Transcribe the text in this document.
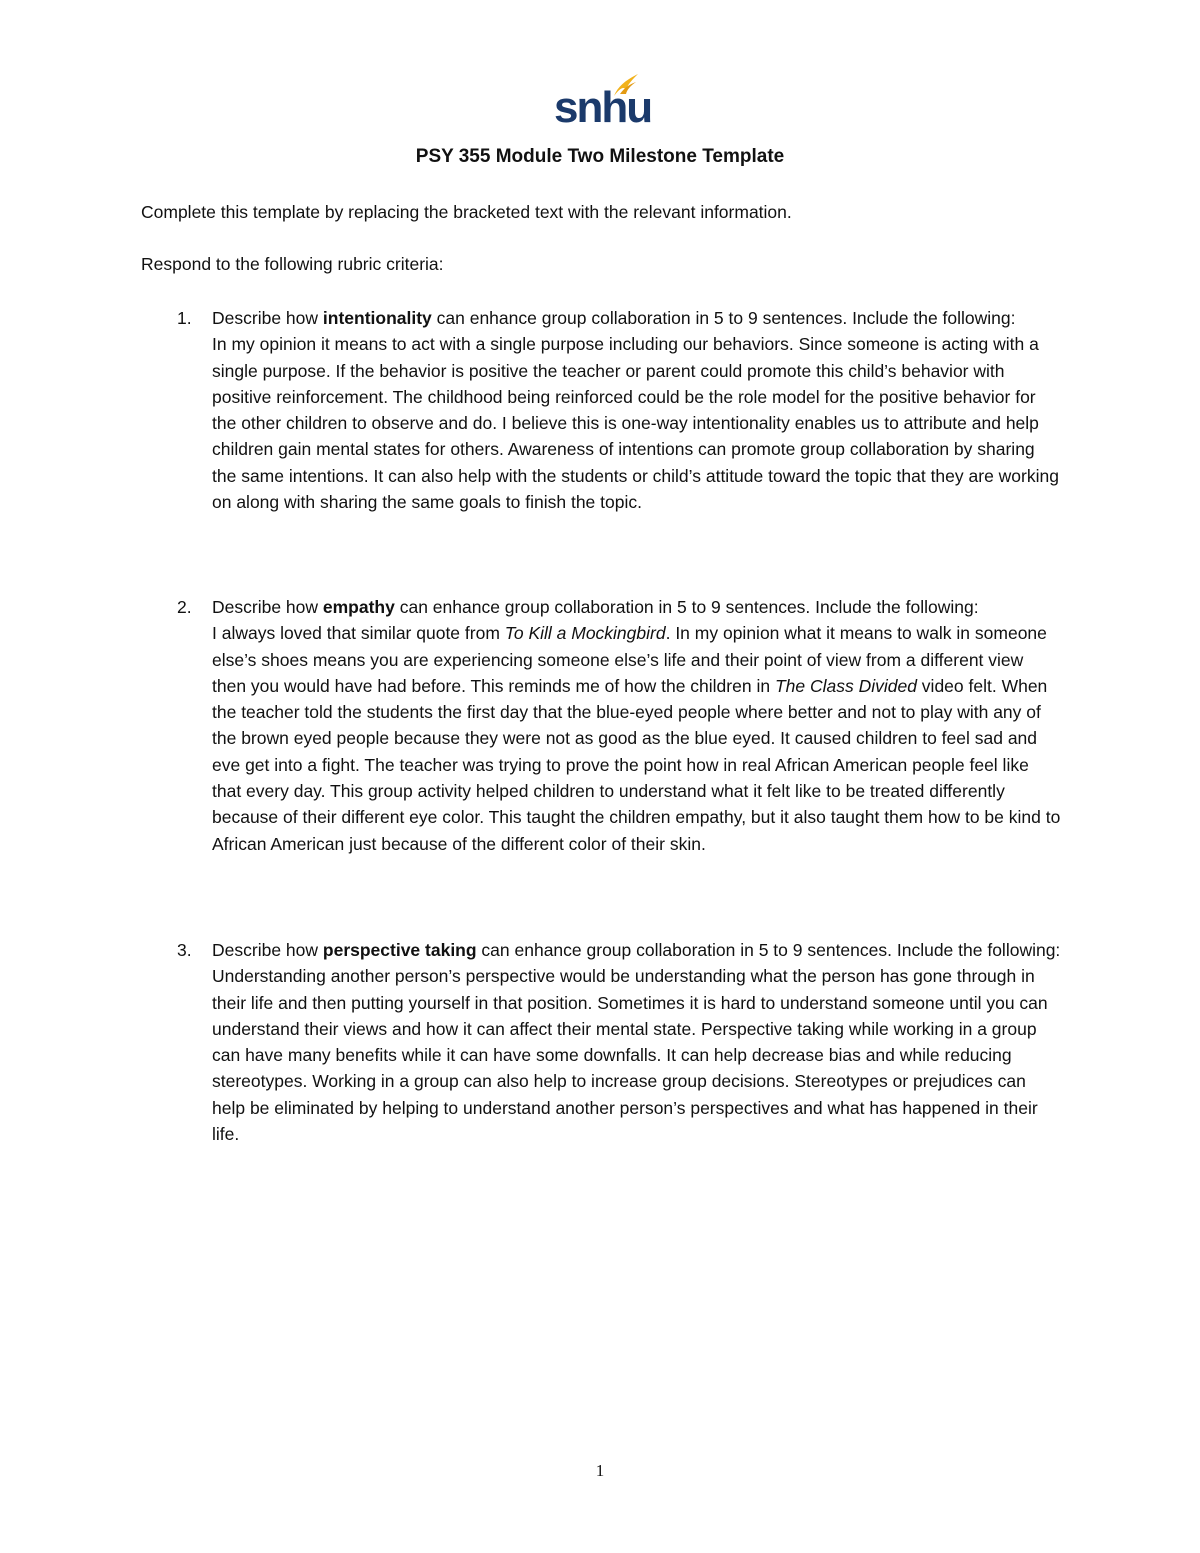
snhu
PSY 355 Module Two Milestone Template
Complete this template by replacing the bracketed text with the relevant information.
Respond to the following rubric criteria:
1. Describe how intentionality can enhance group collaboration in 5 to 9 sentences. Include the following:
In my opinion it means to act with a single purpose including our behaviors. Since someone is acting with a single purpose. If the behavior is positive the teacher or parent could promote this child’s behavior with positive reinforcement. The childhood being reinforced could be the role model for the positive behavior for the other children to observe and do. I believe this is one-way intentionality enables us to attribute and help children gain mental states for others. Awareness of intentions can promote group collaboration by sharing the same intentions. It can also help with the students or child’s attitude toward the topic that they are working on along with sharing the same goals to finish the topic.
2. Describe how empathy can enhance group collaboration in 5 to 9 sentences. Include the following:
I always loved that similar quote from To Kill a Mockingbird. In my opinion what it means to walk in someone else’s shoes means you are experiencing someone else’s life and their point of view from a different view then you would have had before. This reminds me of how the children in The Class Divided video felt. When the teacher told the students the first day that the blue-eyed people where better and not to play with any of the brown eyed people because they were not as good as the blue eyed. It caused children to feel sad and eve get into a fight. The teacher was trying to prove the point how in real African American people feel like that every day. This group activity helped children to understand what it felt like to be treated differently because of their different eye color. This taught the children empathy, but it also taught them how to be kind to African American just because of the different color of their skin.
3. Describe how perspective taking can enhance group collaboration in 5 to 9 sentences. Include the following:
Understanding another person’s perspective would be understanding what the person has gone through in their life and then putting yourself in that position. Sometimes it is hard to understand someone until you can understand their views and how it can affect their mental state. Perspective taking while working in a group can have many benefits while it can have some downfalls. It can help decrease bias and while reducing stereotypes. Working in a group can also help to increase group decisions. Stereotypes or prejudices can help be eliminated by helping to understand another person’s perspectives and what has happened in their life.
1
